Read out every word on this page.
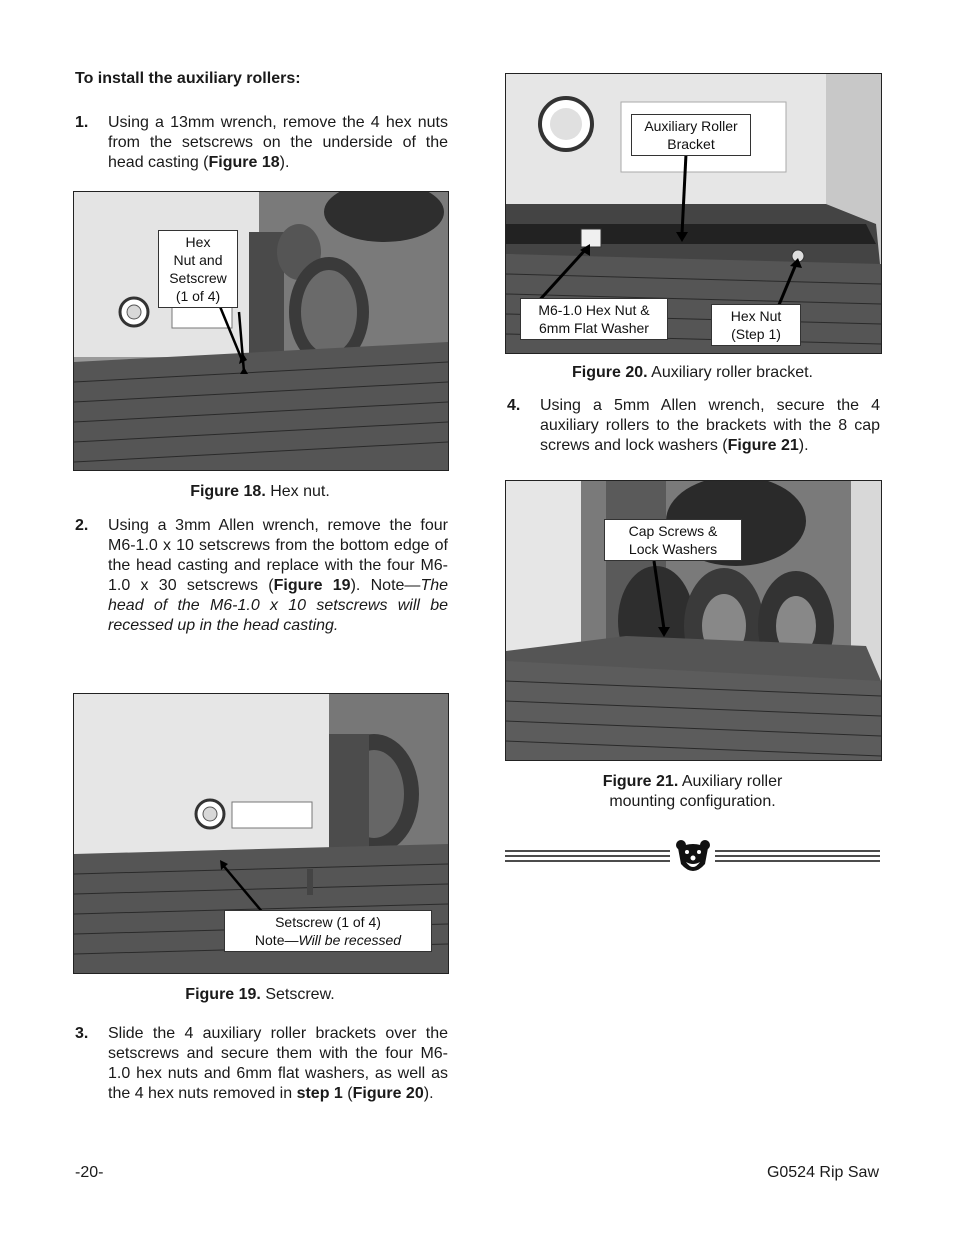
To install the auxiliary rollers:
1. Using a 13mm wrench, remove the 4 hex nuts from the setscrews on the underside of the head casting (Figure 18).
Hex
Nut and
Setscrew
(1 of 4)
Figure 18. Hex nut.
2. Using a 3mm Allen wrench, remove the four M6-1.0 x 10 setscrews from the bottom edge of the head casting and replace with the four M6-1.0 x 30 setscrews (Figure 19). Note—The head of the M6-1.0 x 10 setscrews will be recessed up in the head casting.
Setscrew (1 of 4)
Note—Will be recessed
Figure 19. Setscrew.
3. Slide the 4 auxiliary roller brackets over the setscrews and secure them with the four M6-1.0 hex nuts and 6mm flat washers, as well as the 4 hex nuts removed in step 1 (Figure 20).
Auxiliary Roller
Bracket
M6-1.0 Hex Nut &
6mm Flat Washer
Hex Nut
(Step 1)
Figure 20. Auxiliary roller bracket.
4. Using a 5mm Allen wrench, secure the 4 auxiliary rollers to the brackets with the 8 cap screws and lock washers (Figure 21).
Cap Screws &
Lock Washers
Figure 21. Auxiliary roller
mounting configuration.
-20-	G0524 Rip Saw
